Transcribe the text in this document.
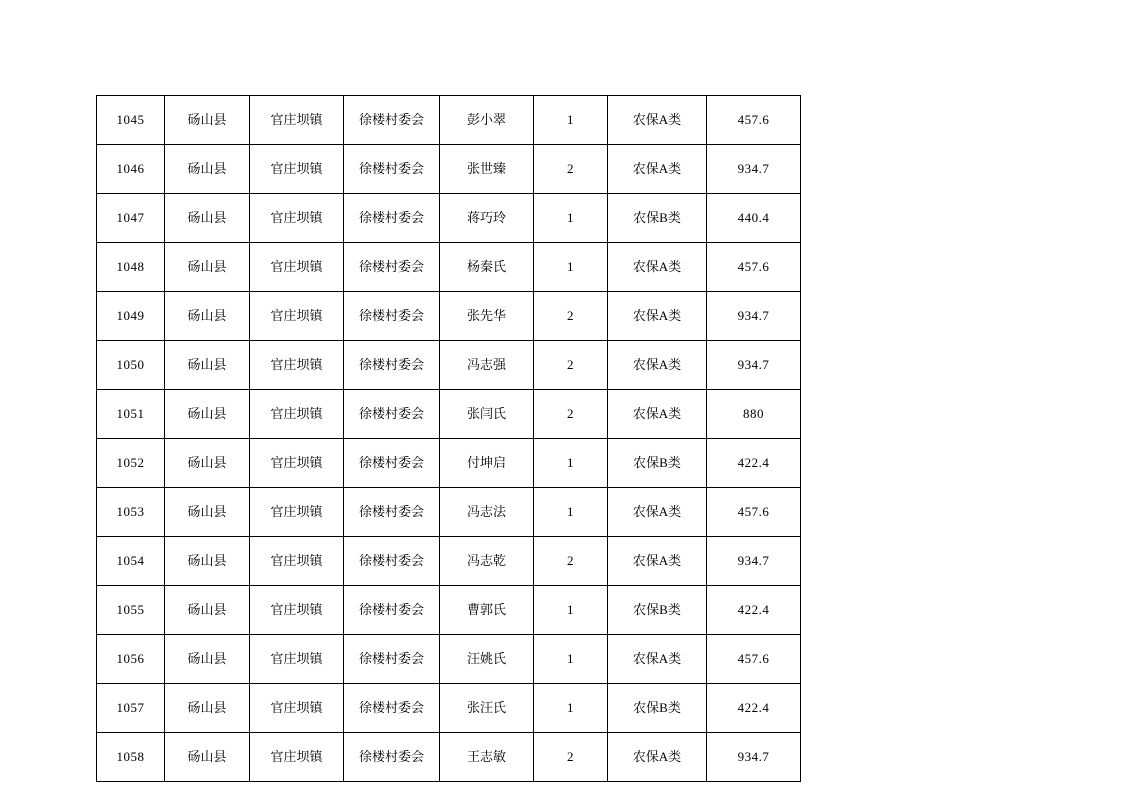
1045	砀山县	官庄坝镇	徐楼村委会	彭小翠	1	农保A类	457.6
1046	砀山县	官庄坝镇	徐楼村委会	张世臻	2	农保A类	934.7
1047	砀山县	官庄坝镇	徐楼村委会	蒋巧玲	1	农保B类	440.4
1048	砀山县	官庄坝镇	徐楼村委会	杨秦氏	1	农保A类	457.6
1049	砀山县	官庄坝镇	徐楼村委会	张先华	2	农保A类	934.7
1050	砀山县	官庄坝镇	徐楼村委会	冯志强	2	农保A类	934.7
1051	砀山县	官庄坝镇	徐楼村委会	张闫氏	2	农保A类	880
1052	砀山县	官庄坝镇	徐楼村委会	付坤启	1	农保B类	422.4
1053	砀山县	官庄坝镇	徐楼村委会	冯志法	1	农保A类	457.6
1054	砀山县	官庄坝镇	徐楼村委会	冯志乾	2	农保A类	934.7
1055	砀山县	官庄坝镇	徐楼村委会	曹郭氏	1	农保B类	422.4
1056	砀山县	官庄坝镇	徐楼村委会	汪姚氏	1	农保A类	457.6
1057	砀山县	官庄坝镇	徐楼村委会	张汪氏	1	农保B类	422.4
1058	砀山县	官庄坝镇	徐楼村委会	王志敏	2	农保A类	934.7
